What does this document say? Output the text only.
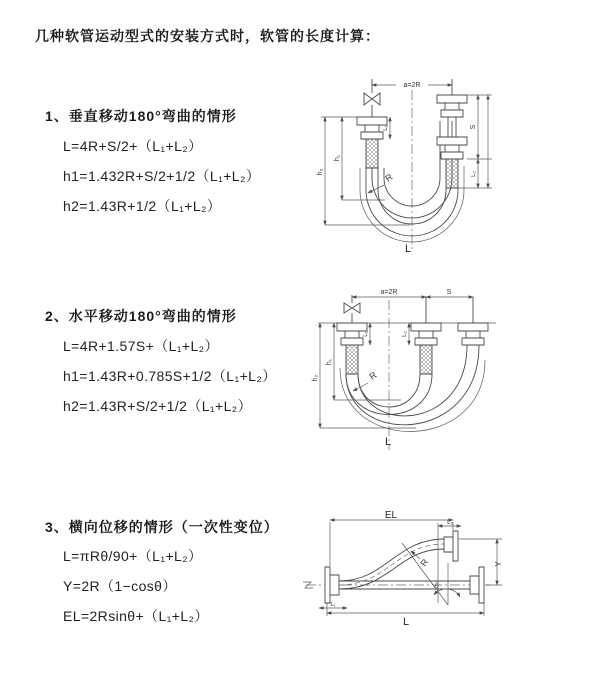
几种软管运动型式的安装方式时，软管的长度计算：
1、垂直移动180°弯曲的情形
L=4R+S/2+（L₁+L₂）
h1=1.432R+S/2+1/2（L₁+L₂）
h2=1.43R+1/2（L₁+L₂）
2、水平移动180°弯曲的情形
L=4R+1.57S+（L₁+L₂）
h1=1.43R+0.785S+1/2（L₁+L₂）
h2=1.43R+S/2+1/2（L₁+L₂）
3、横向位移的情形（一次性变位）
L=πRθ/90+（L₁+L₂）
Y=2R（1−cosθ）
EL=2Rsinθ+（L₁+L₂）
a=2R
h₁
h₂
L₁	S
L₂
R
L
a=2R	S
h₁
h₂
L₁	L₂
R
L
θ
R
EL
L₂
Y
L₁
L
